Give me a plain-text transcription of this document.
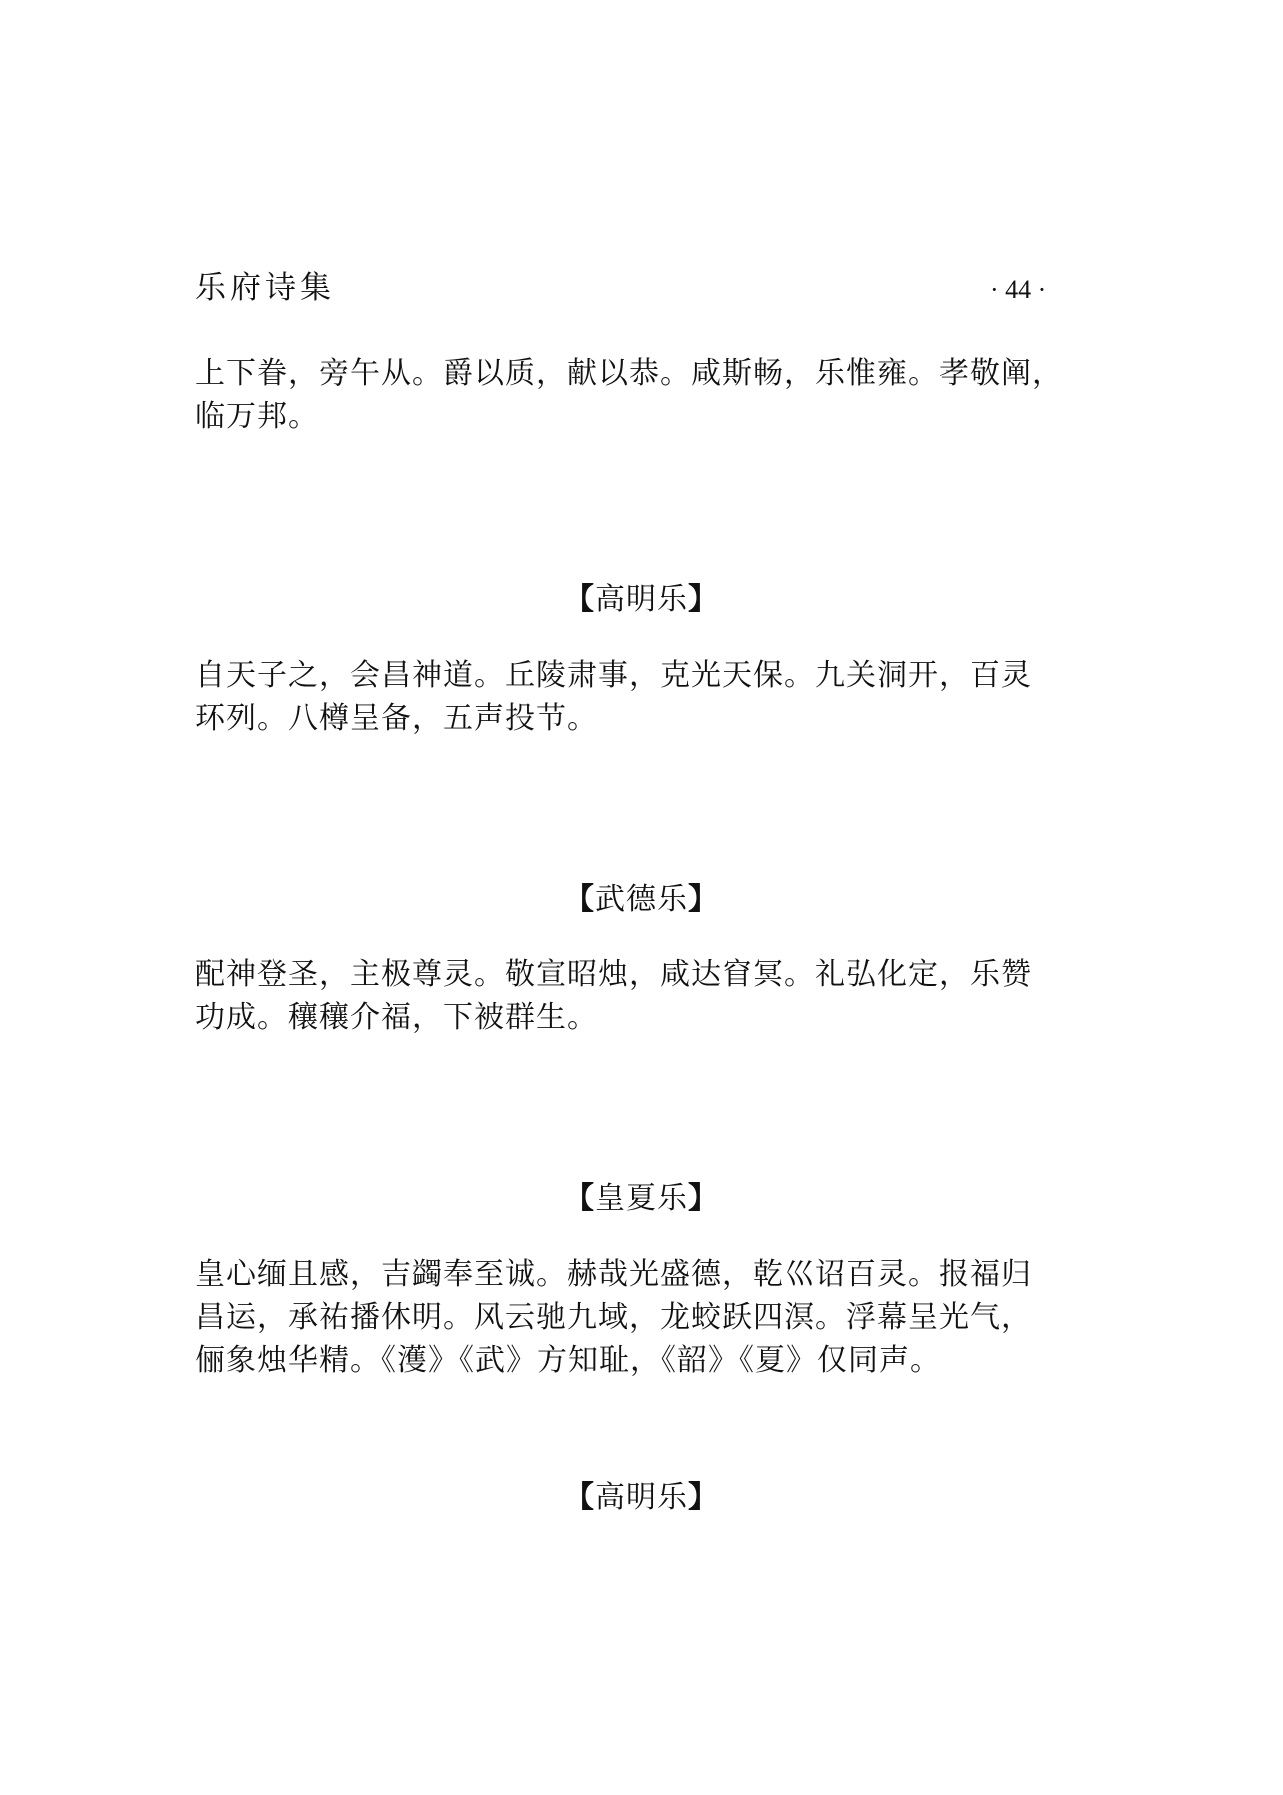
乐府诗集	· 44 ·
上下眷，旁午从。爵以质，献以恭。咸斯畅，乐惟雍。孝敬阐，
临万邦。
【高明乐】
自天子之，会昌神道。丘陵肃事，克光天保。九关洞开，百灵
环列。八樽呈备，五声投节。
【武德乐】
配神登圣，主极尊灵。敬宣昭烛，咸达窅冥。礼弘化定，乐赞
功成。穰穰介福，下被群生。
【皇夏乐】
皇心缅且感，吉蠲奉至诚。赫哉光盛德，乾巛诏百灵。报福归
昌运，承祐播休明。风云驰九域，龙蛟跃四溟。浮幕呈光气，
俪象烛华精。《濩》《武》方知耻，《韶》《夏》仅同声。
【高明乐】
